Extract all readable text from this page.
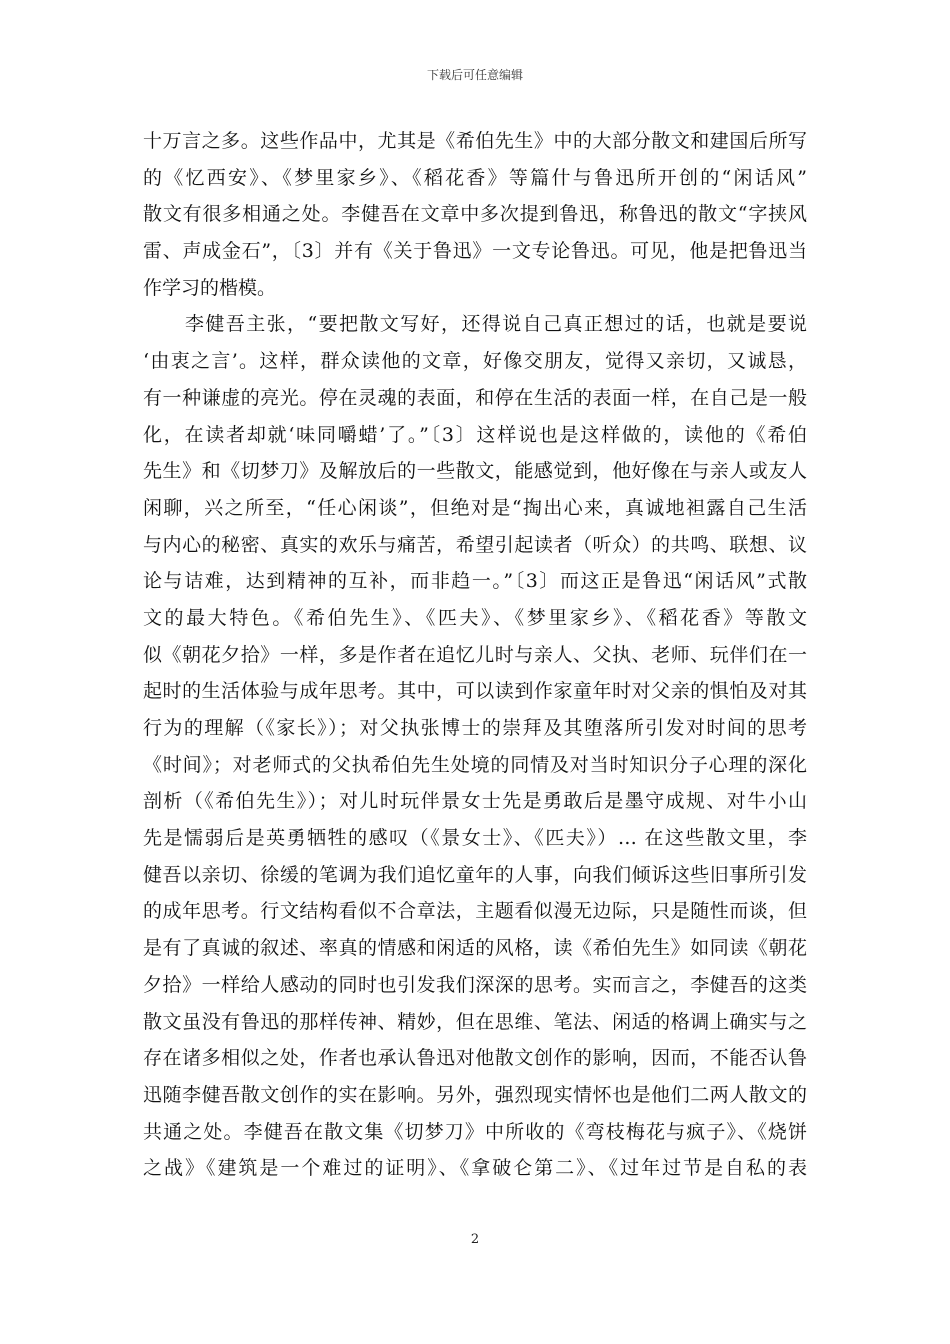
下载后可任意编辑
十万言之多。这些作品中，尤其是《希伯先生》中的大部分散文和建国后所写
的《忆西安》、《梦里家乡》、《稻花香》等篇什与鲁迅所开创的“闲话风”
散文有很多相通之处。李健吾在文章中多次提到鲁迅，称鲁迅的散文“字挟风
雷、声成金石”，〔3〕并有《关于鲁迅》一文专论鲁迅。可见，他是把鲁迅当
作学习的楷模。
李健吾主张，“要把散文写好，还得说自己真正想过的话，也就是要说
‘由衷之言’。这样，群众读他的文章，好像交朋友，觉得又亲切，又诚恳，
有一种谦虚的亮光。停在灵魂的表面，和停在生活的表面一样，在自己是一般
化，在读者却就‘味同嚼蜡’了。”〔3〕这样说也是这样做的，读他的《希伯
先生》和《切梦刀》及解放后的一些散文，能感觉到，他好像在与亲人或友人
闲聊，兴之所至，“任心闲谈”，但绝对是“掏出心来，真诚地袒露自己生活
与内心的秘密、真实的欢乐与痛苦，希望引起读者（听众）的共鸣、联想、议
论与诘难，达到精神的互补，而非趋一。”〔3〕而这正是鲁迅“闲话风”式散
文的最大特色。《希伯先生》、《匹夫》、《梦里家乡》、《稻花香》等散文
似《朝花夕拾》一样，多是作者在追忆儿时与亲人、父执、老师、玩伴们在一
起时的生活体验与成年思考。其中，可以读到作家童年时对父亲的惧怕及对其
行为的理解（《家长》）；对父执张博士的崇拜及其堕落所引发对时间的思考
《时间》；对老师式的父执希伯先生处境的同情及对当时知识分子心理的深化
剖析（《希伯先生》）；对儿时玩伴景女士先是勇敢后是墨守成规、对牛小山
先是懦弱后是英勇牺牲的感叹（《景女士》、《匹夫》）… 在这些散文里，李
健吾以亲切、徐缓的笔调为我们追忆童年的人事，向我们倾诉这些旧事所引发
的成年思考。行文结构看似不合章法，主题看似漫无边际，只是随性而谈，但
是有了真诚的叙述、率真的情感和闲适的风格，读《希伯先生》如同读《朝花
夕拾》一样给人感动的同时也引发我们深深的思考。实而言之，李健吾的这类
散文虽没有鲁迅的那样传神、精妙，但在思维、笔法、闲适的格调上确实与之
存在诸多相似之处，作者也承认鲁迅对他散文创作的影响，因而，不能否认鲁
迅随李健吾散文创作的实在影响。另外，强烈现实情怀也是他们二两人散文的
共通之处。李健吾在散文集《切梦刀》中所收的《弯枝梅花与疯子》、《烧饼
之战》《建筑是一个难过的证明》、《拿破仑第二》、《过年过节是自私的表
2
